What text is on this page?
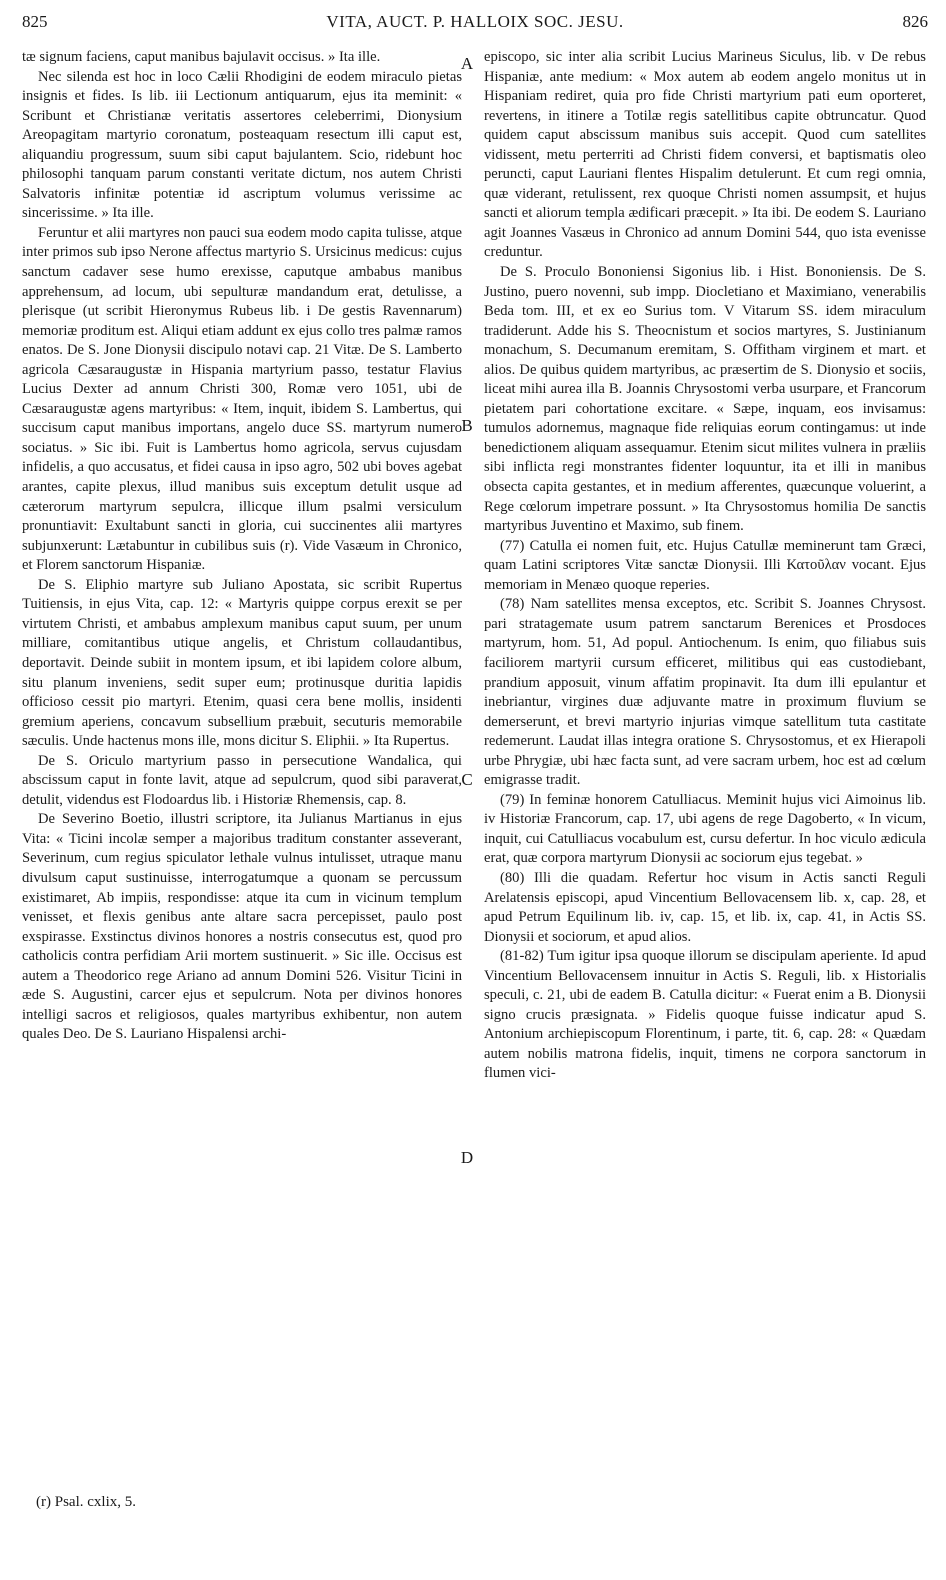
825	VITA, AUCT. P. HALLOIX SOC. JESU.	826

tæ signum faciens, caput manibus bajulavit occisus. » Ita ille.

Nec silenda est hoc in loco Cælii Rhodigini de eodem miraculo pietas insignis et fides. Is lib. iii Lectionum antiquarum, ejus ita meminit: « Scribunt et Christianæ veritatis assertores celeberrimi, Dionysium Areopagitam martyrio coronatum, posteaquam resectum illi caput est, aliquandiu progressum, suum sibi caput bajulantem. Scio, ridebunt hoc philosophi tanquam parum constanti veritate dictum, nos autem Christi Salvatoris infinitæ potentiæ id ascriptum volumus verissime ac sincerissime. » Ita ille.

Feruntur et alii martyres non pauci sua eodem modo capita tulisse, atque inter primos sub ipso Nerone affectus martyrio S. Ursicinus medicus: cujus sanctum cadaver sese humo erexisse, caputque ambabus manibus apprehensum, ad locum, ubi sepulturæ mandandum erat, detulisse, a plerisque (ut scribit Hieronymus Rubeus lib. i De gestis Ravennarum) memoriæ proditum est. Aliqui etiam addunt ex ejus collo tres palmæ ramos enatos. De S. Jone Dionysii discipulo notavi cap. 21 Vitæ. De S. Lamberto agricola Cæsaraugustæ in Hispania martyrium passo, testatur Flavius Lucius Dexter ad annum Christi 300, Romæ vero 1051, ubi de Cæsaraugustæ agens martyribus: « Item, inquit, ibidem S. Lambertus, qui succisum caput manibus importans, angelo duce SS. martyrum numero sociatus. » Sic ibi. Fuit is Lambertus homo agricola, servus cujusdam infidelis, a quo accusatus, et fidei causa in ipso agro, 502 ubi boves agebat arantes, capite plexus, illud manibus suis exceptum detulit usque ad cæterorum martyrum sepulcra, illicque illum psalmi versiculum pronuntiavit: Exultabunt sancti in gloria, cui succinentes alii martyres subjunxerunt: Lætabuntur in cubilibus suis (r). Vide Vasæum in Chronico, et Florem sanctorum Hispaniæ.

De S. Eliphio martyre sub Juliano Apostata, sic scribit Rupertus Tuitiensis, in ejus Vita, cap. 12: « Martyris quippe corpus erexit se per virtutem Christi, et ambabus amplexum manibus caput suum, per unum milliare, comitantibus utique angelis, et Christum collaudantibus, deportavit. Deinde subiit in montem ipsum, et ibi lapidem colore album, situ planum inveniens, sedit super eum; protinusque duritia lapidis officioso cessit pio martyri. Etenim, quasi cera bene mollis, insidenti gremium aperiens, concavum subsellium præbuit, secuturis memorabile sæculis. Unde hactenus mons ille, mons dicitur S. Eliphii. » Ita Rupertus.

De S. Oriculo martyrium passo in persecutione Wandalica, qui abscissum caput in fonte lavit, atque ad sepulcrum, quod sibi paraverat, detulit, videndus est Flodoardus lib. i Historiæ Rhemensis, cap. 8.

De Severino Boetio, illustri scriptore, ita Julianus Martianus in ejus Vita: « Ticini incolæ semper a majoribus traditum constanter asseverant, Severinum, cum regius spiculator lethale vulnus intulisset, utraque manu divulsum caput sustinuisse, interrogatumque a quonam se percussum existimaret, Ab impiis, respondisse: atque ita cum in vicinum templum venisset, et flexis genibus ante altare sacra percepisset, paulo post exspirasse. Exstinctus divinos honores a nostris consecutus est, quod pro catholicis contra perfidiam Arii mortem sustinuerit. » Sic ille. Occisus est autem a Theodorico rege Ariano ad annum Domini 526. Visitur Ticini in æde S. Augustini, carcer ejus et sepulcrum. Nota per divinos honores intelligi sacros et religiosos, quales martyribus exhibentur, non autem quales Deo. De S. Lauriano Hispalensi archi-

A
B
C
D

episcopo, sic inter alia scribit Lucius Marineus Siculus, lib. v De rebus Hispaniæ, ante medium: « Mox autem ab eodem angelo monitus ut in Hispaniam rediret, quia pro fide Christi martyrium pati eum oporteret, revertens, in itinere a Totilæ regis satellitibus capite obtruncatur. Quod quidem caput abscissum manibus suis accepit. Quod cum satellites vidissent, metu perterriti ad Christi fidem conversi, et baptismatis oleo peruncti, caput Lauriani flentes Hispalim detulerunt. Et cum regi omnia, quæ viderant, retulissent, rex quoque Christi nomen assumpsit, et hujus sancti et aliorum templa ædificari præcepit. » Ita ibi. De eodem S. Lauriano agit Joannes Vasæus in Chronico ad annum Domini 544, quo ista evenisse creduntur.

De S. Proculo Bononiensi Sigonius lib. i Hist. Bononiensis. De S. Justino, puero novenni, sub impp. Diocletiano et Maximiano, venerabilis Beda tom. III, et ex eo Surius tom. V Vitarum SS. idem miraculum tradiderunt. Adde his S. Theocnistum et socios martyres, S. Justinianum monachum, S. Decumanum eremitam, S. Offitham virginem et mart. et alios. De quibus quidem martyribus, ac præsertim de S. Dionysio et sociis, liceat mihi aurea illa B. Joannis Chrysostomi verba usurpare, et Francorum pietatem pari cohortatione excitare. « Sæpe, inquam, eos invisamus: tumulos adornemus, magnaque fide reliquias eorum contingamus: ut inde benedictionem aliquam assequamur. Etenim sicut milites vulnera in præliis sibi inflicta regi monstrantes fidenter loquuntur, ita et illi in manibus obsecta capita gestantes, et in medium afferentes, quæcunque voluerint, a Rege cœlorum impetrare possunt. » Ita Chrysostomus homilia De sanctis martyribus Juventino et Maximo, sub finem.

(77) Catulla ei nomen fuit, etc. Hujus Catullæ meminerunt tam Græci, quam Latini scriptores Vitæ sanctæ Dionysii. Illi Κατοῦλαν vocant. Ejus memoriam in Menæo quoque reperies.

(78) Nam satellites mensa exceptos, etc. Scribit S. Joannes Chrysost. pari stratagemate usum patrem sanctarum Berenices et Prosdoces martyrum, hom. 51, Ad popul. Antiochenum. Is enim, quo filiabus suis faciliorem martyrii cursum efficeret, militibus qui eas custodiebant, prandium apposuit, vinum affatim propinavit. Ita dum illi epulantur et inebriantur, virgines duæ adjuvante matre in proximum fluvium se demerserunt, et brevi martyrio injurias vimque satellitum tuta castitate redemerunt. Laudat illas integra oratione S. Chrysostomus, et ex Hierapoli urbe Phrygiæ, ubi hæc facta sunt, ad vere sacram urbem, hoc est ad cœlum emigrasse tradit.

(79) In feminæ honorem Catulliacus. Meminit hujus vici Aimoinus lib. iv Historiæ Francorum, cap. 17, ubi agens de rege Dagoberto, « In vicum, inquit, cui Catulliacus vocabulum est, cursu defertur. In hoc viculo ædicula erat, quæ corpora martyrum Dionysii ac sociorum ejus tegebat. »

(80) Illi die quadam. Refertur hoc visum in Actis sancti Reguli Arelatensis episcopi, apud Vincentium Bellovacensem lib. x, cap. 28, et apud Petrum Equilinum lib. iv, cap. 15, et lib. ix, cap. 41, in Actis SS. Dionysii et sociorum, et apud alios.

(81-82) Tum igitur ipsa quoque illorum se discipulam aperiente. Id apud Vincentium Bellovacensem innuitur in Actis S. Reguli, lib. x Historialis speculi, c. 21, ubi de eadem B. Catulla dicitur: « Fuerat enim a B. Dionysii signo crucis præsignata. » Fidelis quoque fuisse indicatur apud S. Antonium archiepiscopum Florentinum, i parte, tit. 6, cap. 28: « Quædam autem nobilis matrona fidelis, inquit, timens ne corpora sanctorum in flumen vici-

(r) Psal. cxlix, 5.
